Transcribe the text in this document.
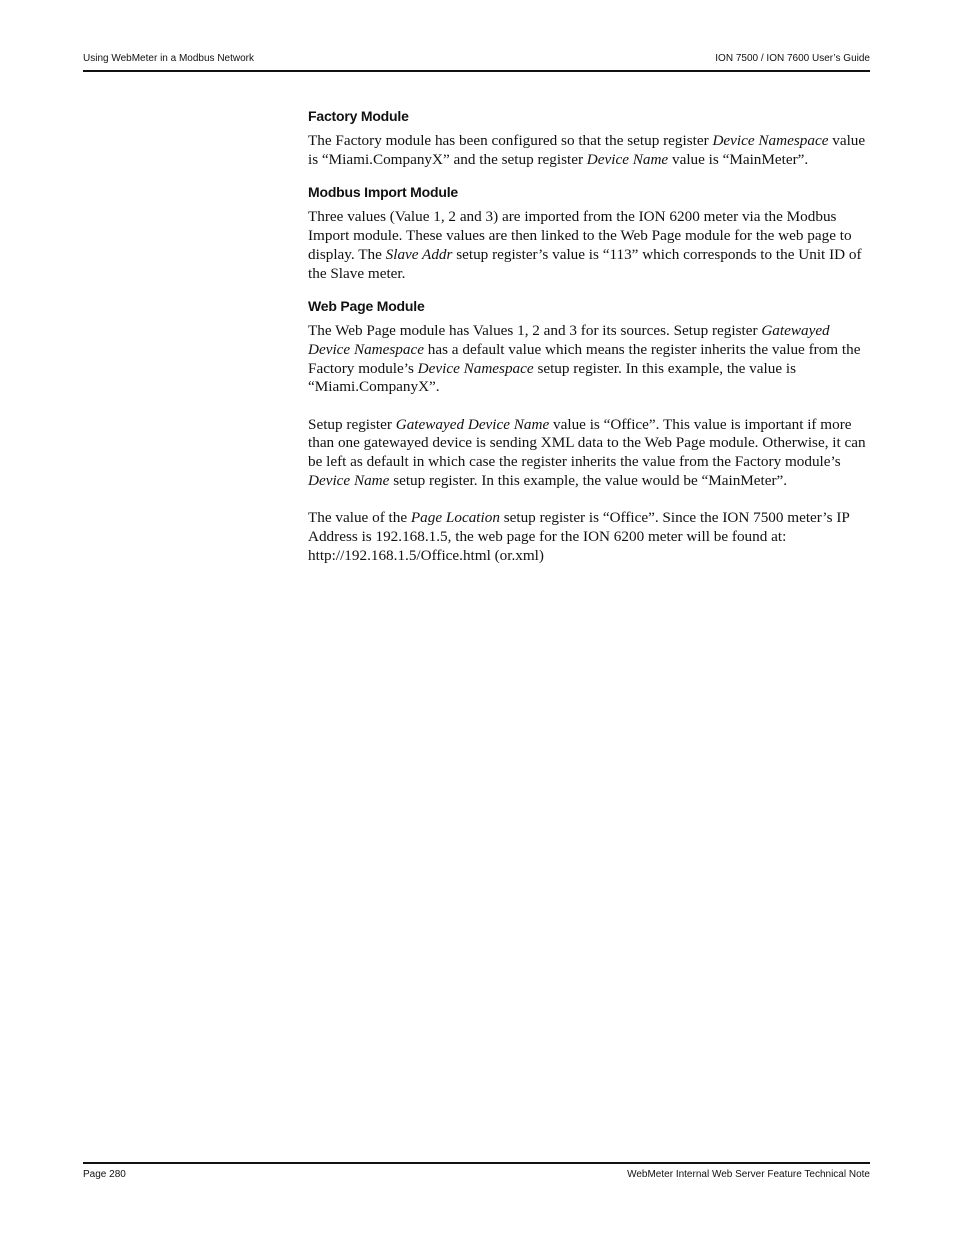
Using WebMeter in a Modbus Network	ION 7500 / ION 7600 User’s Guide
Factory Module

The Factory module has been configured so that the setup register Device Namespace value is “Miami.CompanyX” and the setup register Device Name value is “MainMeter”.

Modbus Import Module

Three values (Value 1, 2 and 3) are imported from the ION 6200 meter via the Modbus Import module. These values are then linked to the Web Page module for the web page to display. The Slave Addr setup register’s value is “113” which corresponds to the Unit ID of the Slave meter.

Web Page Module

The Web Page module has Values 1, 2 and 3 for its sources. Setup register Gatewayed Device Namespace has a default value which means the register inherits the value from the Factory module’s Device Namespace setup register. In this example, the value is “Miami.CompanyX”.

Setup register Gatewayed Device Name value is “Office”. This value is important if more than one gatewayed device is sending XML data to the Web Page module. Otherwise, it can be left as default in which case the register inherits the value from the Factory module’s Device Name setup register. In this example, the value would be “MainMeter”.

The value of the Page Location setup register is “Office”. Since the ION 7500 meter’s IP Address is 192.168.1.5, the web page for the ION 6200 meter will be found at: http://192.168.1.5/Office.html (or.xml)

Page 280	WebMeter Internal Web Server Feature Technical Note
